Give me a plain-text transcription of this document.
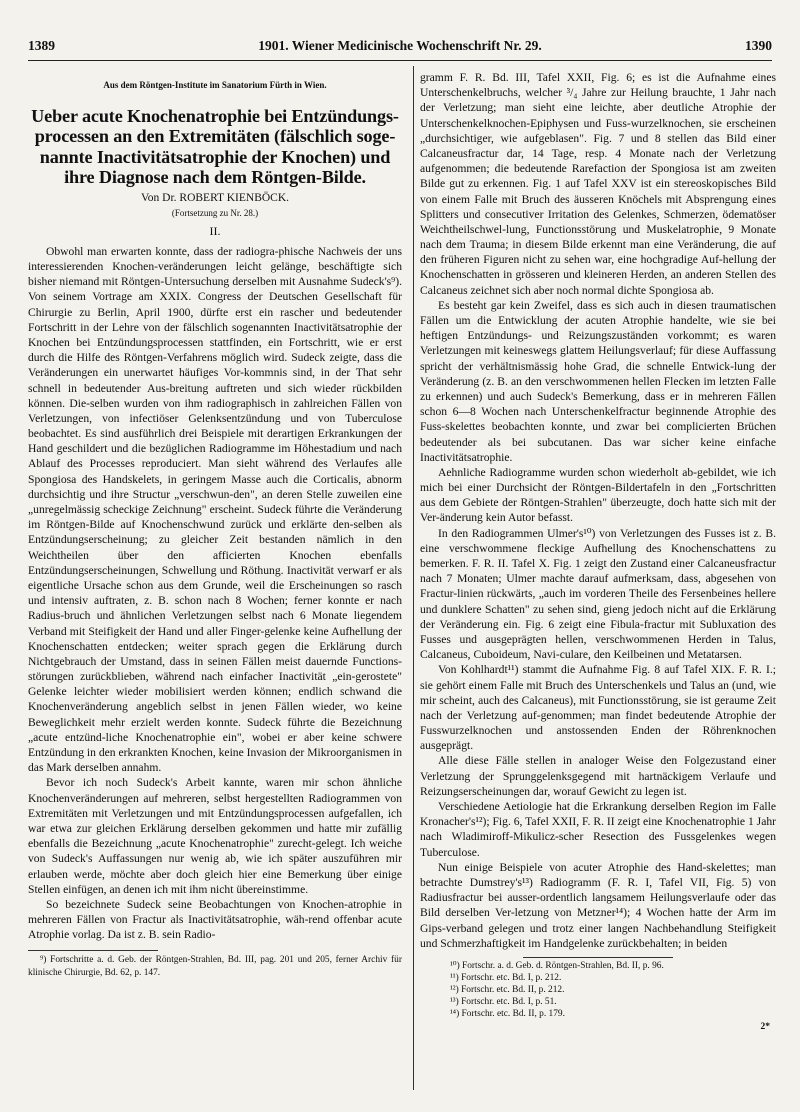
1389	1901. Wiener Medicinische Wochenschrift Nr. 29.	1390
Aus dem Röntgen-Institute im Sanatorium Fürth in Wien.
Ueber acute Knochenatrophie bei Entzündungs-processen an den Extremitäten (fälschlich soge-nannte Inactivitätsatrophie der Knochen) und ihre Diagnose nach dem Röntgen-Bilde.
Von Dr. ROBERT KIENBÖCK.
(Fortsetzung zu Nr. 28.)
II.

Obwohl man erwarten konnte, dass der radiogra-phische Nachweis der uns interessierenden Knochen-veränderungen leicht gelänge, beschäftigte sich bisher niemand mit Röntgen-Untersuchung derselben mit Ausnahme Sudeck's⁹). Von seinem Vortrage am XXIX. Congress der Deutschen Gesellschaft für Chirurgie zu Berlin, April 1900, dürfte erst ein rascher und bedeutender Fortschritt in der Lehre von der fälschlich sogenannten Inactivitätsatrophie der Knochen bei Entzündungsprocessen stattfinden, ein Fortschritt, wie er erst durch die Hilfe des Röntgen-Verfahrens möglich wird. Sudeck zeigte, dass die Veränderungen ein unerwartet häufiges Vor-kommnis sind, in der That sehr schnell in bedeutender Aus-breitung auftreten und sich wieder rückbilden können. Die-selben wurden von ihm radiographisch in zahlreichen Fällen von Verletzungen, von infectiöser Gelenksentzündung und von Tuberculose beobachtet. Es sind ausführlich drei Beispiele mit derartigen Erkrankungen der Hand geschildert und die bezüglichen Radiogramme im Höhestadium und nach Ablauf des Processes reproduciert. Man sieht während des Verlaufes alle Spongiosa des Handskelets, in geringem Masse auch die Corticalis, abnorm durchsichtig und ihre Structur „verschwun-den", an deren Stelle zuweilen eine „unregelmässig scheckige Zeichnung" erscheint. Sudeck führte die Veränderung im Röntgen-Bilde auf Knochenschwund zurück und erklärte den-selben als Entzündungserscheinung; zu gleicher Zeit bestanden nämlich in den Weichtheilen über den afficierten Knochen ebenfalls Entzündungserscheinungen, Schwellung und Röthung. Inactivität verwarf er als eigentliche Ursache schon aus dem Grunde, weil die Erscheinungen so rasch und intensiv auftraten, z. B. schon nach 8 Wochen; ferner konnte er nach Radius-bruch und ähnlichen Verletzungen selbst nach 6 Monate liegendem Verband mit Steifigkeit der Hand und aller Finger-gelenke keine Aufhellung der Knochenschatten entdecken; weiter sprach gegen die Erklärung durch Nichtgebrauch der Umstand, dass in seinen Fällen meist dauernde Functions-störungen zurückblieben, während nach einfacher Inactivität „ein-gerostete" Gelenke leichter wieder mobilisiert werden können; endlich schwand die Knochenveränderung angeblich selbst in jenen Fällen wieder, wo keine Beweglichkeit mehr erzielt werden konnte. Sudeck führte die Bezeichnung „acute entzünd-liche Knochenatrophie ein", wobei er aber keine schwere Entzündung in den erkrankten Knochen, keine Invasion der Mikroorganismen in das Mark derselben annahm.

Bevor ich noch Sudeck's Arbeit kannte, waren mir schon ähnliche Knochenveränderungen auf mehreren, selbst hergestellten Radiogrammen von Extremitäten mit Verletzungen und mit Entzündungsprocessen aufgefallen, ich war etwa zur gleichen Erklärung derselben gekommen und hatte mir zufällig ebenfalls die Bezeichnung „acute Knochenatrophie" zurecht-gelegt. Ich weiche von Sudeck's Auffassungen nur wenig ab, wie ich später auszuführen mir erlauben werde, möchte aber doch gleich hier eine Bemerkung über einige Stellen einfügen, an denen ich mit ihm nicht übereinstimme.

So bezeichnete Sudeck seine Beobachtungen von Knochen-atrophie in mehreren Fällen von Fractur als Inactivitätsatrophie, wäh-rend offenbar acute Atrophie vorlag. Da ist z. B. sein Radio-

⁹) Fortschritte a. d. Geb. der Röntgen-Strahlen, Bd. III, pag. 201 und 205, ferner Archiv für klinische Chirurgie, Bd. 62, p. 147.

gramm F. R. Bd. III, Tafel XXII, Fig. 6; es ist die Aufnahme eines Unterschenkelbruchs, welcher ³/₄ Jahre zur Heilung brauchte, 1 Jahr nach der Verletzung; man sieht eine leichte, aber deutliche Atrophie der Unterschenkelknochen-Epiphysen und Fuss-wurzelknochen, sie erscheinen „durchsichtiger, wie aufgeblasen". Fig. 7 und 8 stellen das Bild einer Calcaneusfractur dar, 14 Tage, resp. 4 Monate nach der Verletzung aufgenommen; die bedeutende Rarefaction der Spongiosa ist am zweiten Bilde gut zu erkennen. Fig. 1 auf Tafel XXV ist ein stereoskopisches Bild von einem Falle mit Bruch des äusseren Knöchels mit Absprengung eines Splitters und consecutiver Irritation des Gelenkes, Schmerzen, ödematöser Weichtheilschwel-lung, Functionsstörung und Muskelatrophie, 9 Monate nach dem Trauma; in diesem Bilde erkennt man eine Veränderung, die auf den früheren Figuren nicht zu sehen war, eine hochgradige Auf-hellung der Knochenschatten in grösseren und kleineren Herden, an anderen Stellen des Calcaneus zeichnet sich aber noch normal dichte Spongiosa ab.

Es besteht gar kein Zweifel, dass es sich auch in diesen traumatischen Fällen um die Entwicklung der acuten Atrophie handelte, wie sie bei heftigen Entzündungs- und Reizungszuständen vorkommt; es waren Verletzungen mit keineswegs glattem Heilungsverlauf; für diese Auffassung spricht der verhältnismässig hohe Grad, die schnelle Entwick-lung der Veränderung (z. B. an den verschwommenen hellen Flecken im letzten Falle zu erkennen) und auch Sudeck's Bemerkung, dass er in mehreren Fällen schon 6—8 Wochen nach Unterschenkelfractur beginnende Atrophie des Fuss-skelettes beobachten konnte, und zwar bei complicierten Brüchen bedeutender als bei subcutanen. Das war sicher keine einfache Inactivitätsatrophie.

Aehnliche Radiogramme wurden schon wiederholt ab-gebildet, wie ich mich bei einer Durchsicht der Röntgen-Bildertafeln in den „Fortschritten aus dem Gebiete der Röntgen-Strahlen" überzeugte, doch hatte sich mit der Ver-änderung kein Autor befasst.

In den Radiogrammen Ulmer's¹⁰) von Verletzungen des Fusses ist z. B. eine verschwommene fleckige Aufhellung des Knochenschattens zu bemerken. F. R. II. Tafel X. Fig. 1 zeigt den Zustand einer Calcaneusfractur nach 7 Monaten; Ulmer machte darauf aufmerksam, dass, abgesehen von Fractur-linien rückwärts, „auch im vorderen Theile des Fersenbeines hellere und dunklere Schatten" zu sehen sind, gieng jedoch nicht auf die Erklärung der Veränderung ein. Fig. 6 zeigt eine Fibula-fractur mit Subluxation des Fusses und ausgeprägten hellen, verschwommenen Herden in Talus, Calcaneus, Cuboideum, Navi-culare, den Keilbeinen und Metatarsen.

Von Kohlhardt¹¹) stammt die Aufnahme Fig. 8 auf Tafel XIX. F. R. I.; sie gehört einem Falle mit Bruch des Unterschenkels und Talus an (und, wie mir scheint, auch des Calcaneus), mit Functionsstörung, sie ist geraume Zeit nach der Verletzung auf-genommen; man findet bedeutende Atrophie der Fusswurzelknochen und anstossenden Enden der Röhrenknochen ausgeprägt.

Alle diese Fälle stellen in analoger Weise den Folgezustand einer Verletzung der Sprunggelenksgegend mit hartnäckigem Verlaufe und Reizungserscheinungen dar, worauf Gewicht zu legen ist.

Verschiedene Aetiologie hat die Erkrankung derselben Region im Falle Kronacher's¹²); Fig. 6, Tafel XXII, F. R. II zeigt eine Knochenatrophie 1 Jahr nach Wladimiroff-Mikulicz-scher Resection des Fussgelenkes wegen Tuberculose.

Nun einige Beispiele von acuter Atrophie des Hand-skelettes; man betrachte Dumstrey's¹³) Radiogramm (F. R. I, Tafel VII, Fig. 5) von Radiusfractur bei ausser-ordentlich langsamem Heilungsverlaufe oder das Bild derselben Ver-letzung von Metzner¹⁴); 4 Wochen hatte der Arm im Gips-verband gelegen und trotz einer langen Nachbehandlung Steifigkeit und Schmerzhaftigkeit im Handgelenke zurückbehalten; in beiden

¹⁰) Fortschr. a. d. Geb. d. Röntgen-Strahlen, Bd. II, p. 96.
¹¹) Fortschr. etc. Bd. I, p. 212.
¹²) Fortschr. etc. Bd. II, p. 212.
¹³) Fortschr. etc. Bd. I, p. 51.
¹⁴) Fortschr. etc. Bd. II, p. 179.
2*
